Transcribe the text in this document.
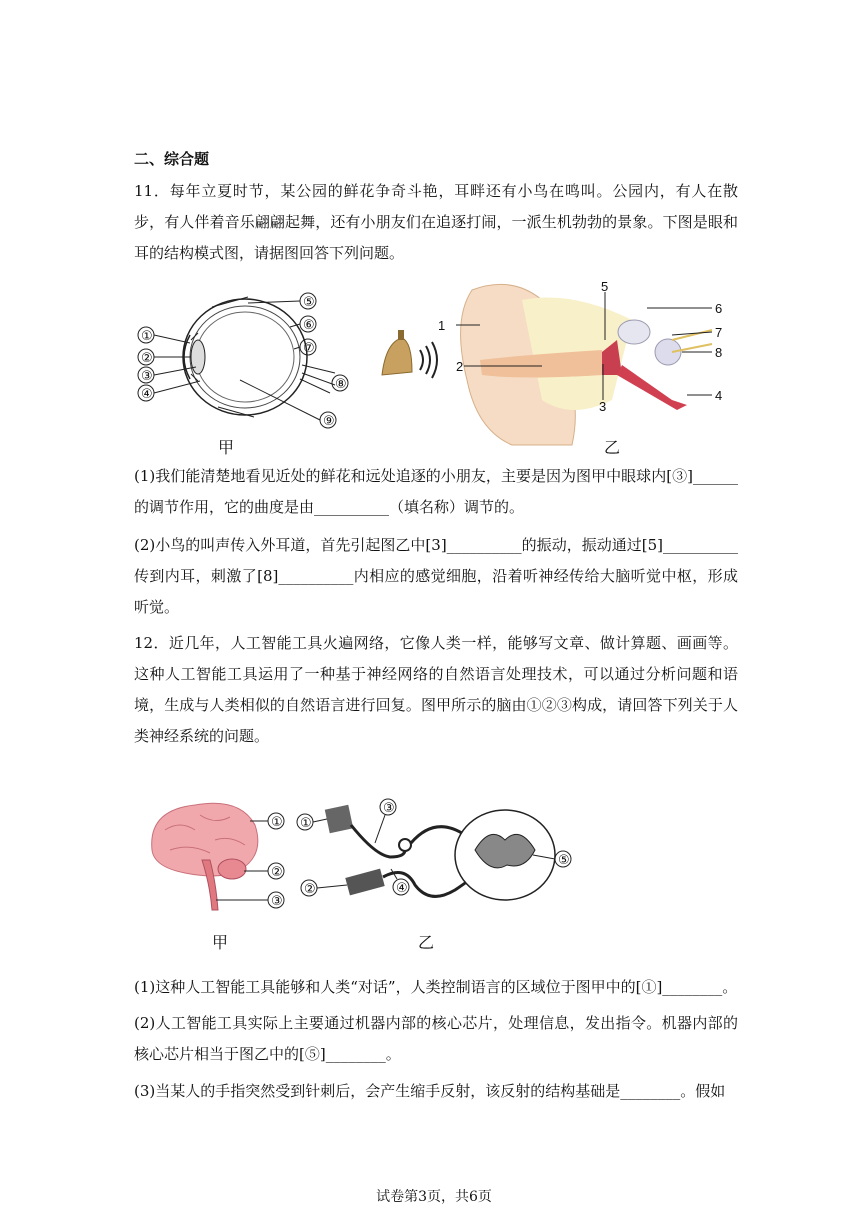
二、综合题

11．每年立夏时节，某公园的鲜花争奇斗艳，耳畔还有小鸟在鸣叫。公园内，有人在散步，有人伴着音乐翩翩起舞，还有小朋友们在追逐打闹，一派生机勃勃的景象。下图是眼和耳的结构模式图，请据图回答下列问题。

①
②
③
④
⑤
⑥
⑦
⑧
⑨
甲
1
2
3
4
5
6
7
8
乙

(1)我们能清楚地看见近处的鲜花和远处追逐的小朋友，主要是因为图甲中眼球内[③]______的调节作用，它的曲度是由__________（填名称）调节的。

(2)小鸟的叫声传入外耳道，首先引起图乙中[3]__________的振动，振动通过[5]__________传到内耳，刺激了[8]__________内相应的感觉细胞，沿着听神经传给大脑听觉中枢，形成听觉。

12．近几年，人工智能工具火遍网络，它像人类一样，能够写文章、做计算题、画画等。这种人工智能工具运用了一种基于神经网络的自然语言处理技术，可以通过分析问题和语境，生成与人类相似的自然语言进行回复。图甲所示的脑由①②③构成，请回答下列关于人类神经系统的问题。

①
②
③
甲
①
②
③
④
⑤
乙

(1)这种人工智能工具能够和人类“对话”，人类控制语言的区域位于图甲中的[①]________。

(2)人工智能工具实际上主要通过机器内部的核心芯片，处理信息，发出指令。机器内部的核心芯片相当于图乙中的[⑤]________。

(3)当某人的手指突然受到针刺后，会产生缩手反射，该反射的结构基础是________。假如

试卷第3页，共6页
